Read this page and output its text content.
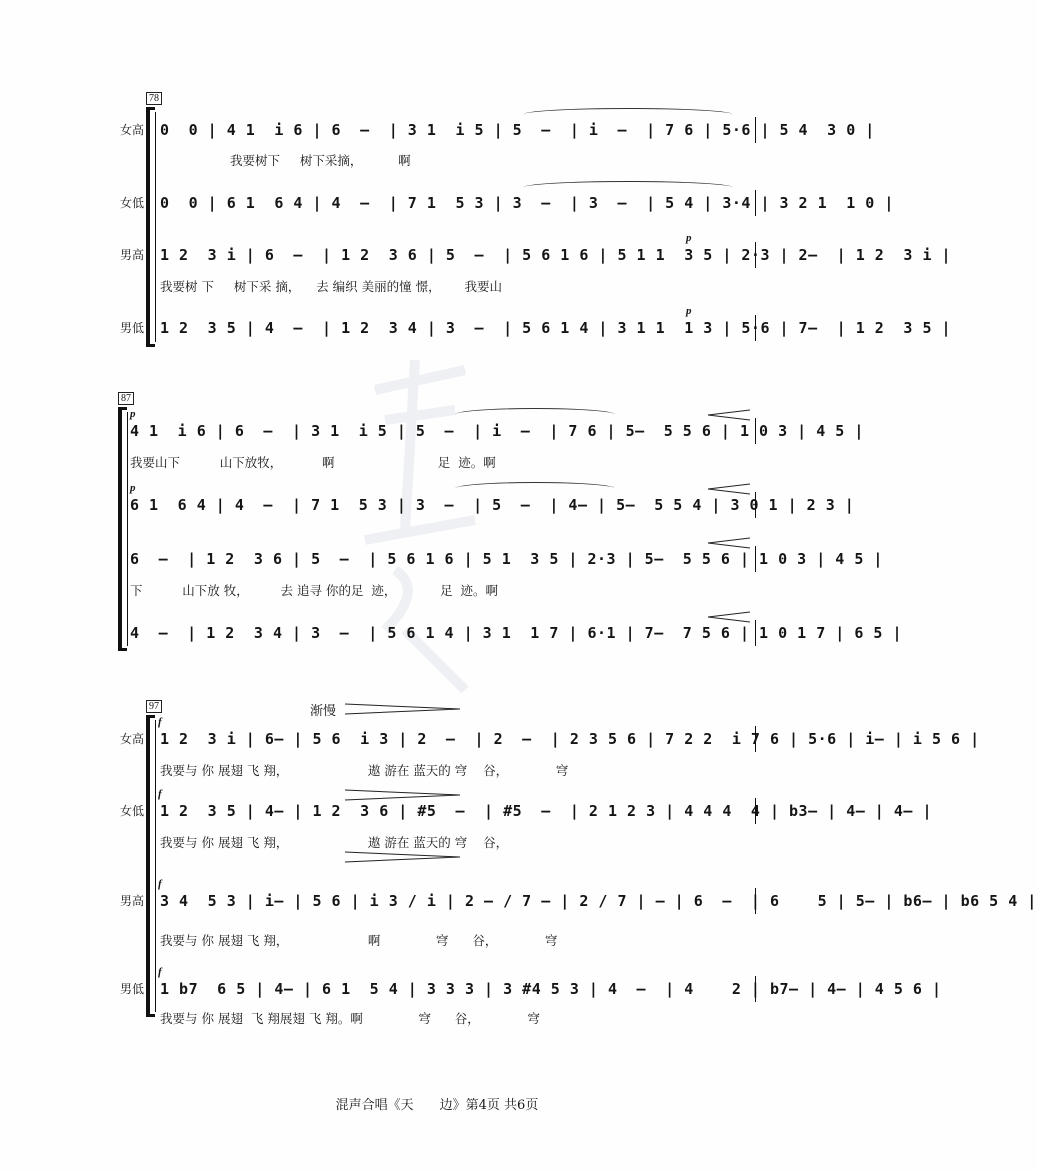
78
女高 0  0 | 4 1  i 6 | 6  –  | 3 1  i 5 | 5  –  | i  –  | 7 6 | 5·6 | 5 4  3 0 |
我要树下     树下采摘，         啊
女低 0  0 | 6 1  6 4 | 4  –  | 7 1  5 3 | 3  –  | 3  –  | 5 4 | 3·4 | 3 2 1  1 0 |
男高 1 2  3 i | 6  –  | 1 2  3 6 | 5  –  | 5 6 1 6 | 5 1 1  3 5 | 2·3 | 2–  | 1 2  3 i |
p
我要树 下     树下采 摘，    去 编织 美丽的憧 憬，      我要山
男低 1 2  3 5 | 4  –  | 1 2  3 4 | 3  –  | 5 6 1 4 | 3 1 1  1 3 | 5·6 | 7–  | 1 2  3 5 |
p
87
4 1  i 6 | 6  –  | 3 1  i 5 | 5  –  | i  –  | 7 6 | 5–  5 5 6 | 1 0 3 | 4 5 |
p
我要山下          山下放牧，          啊                          足  迹。啊
6 1  6 4 | 4  –  | 7 1  5 3 | 3  –  | 5  –  | 4– | 5–  5 5 4 | 3 0 1 | 2 3 |
p
6  –  | 1 2  3 6 | 5  –  | 5 6 1 6 | 5 1  3 5 | 2·3 | 5–  5 5 6 | 1 0 3 | 4 5 |
下          山下放 牧，        去 追寻 你的足  迹，           足  迹。啊
4  –  | 1 2  3 4 | 3  –  | 5 6 1 4 | 3 1  1 7 | 6·1 | 7–  7 5 6 | 1 0 1 7 | 6 5 |
97	渐慢
女高 1 2  3 i | 6– | 5 6  i 3 | 2  –  | 2  –  | 2 3 5 6 | 7 2 2  i 7 6 | 5·6 | i– | i 5 6 |
f
我要与 你 展翅 飞 翔，                    遨 游在 蓝天的 穹    谷，            穹
女低 1 2  3 5 | 4– | 1 2  3 6 | #5  –  | #5  –  | 2 1 2 3 | 4 4 4  4 | b3– | 4– | 4– |
f
我要与 你 展翅 飞 翔，                    遨 游在 蓝天的 穹    谷，
男高 3 4  5 3 | i– | 5 6 | i 3 / i | 2 – / 7 – | 2 / 7 | – | 6  –  | 6    5 | 5– | b6– | b6 5 4 |
f
我要与 你 展翅 飞 翔，                    啊              穹      谷，            穹
男低 1 b7  6 5 | 4– | 6 1  5 4 | 3 3 3 | 3 #4 5 3 | 4  –  | 4    2 | b7– | 4– | 4 5 6 |
f
我要与 你 展翅  飞 翔展翅 飞 翔。啊              穹      谷，            穹
混声合唱《天　　边》第4页 共6页
